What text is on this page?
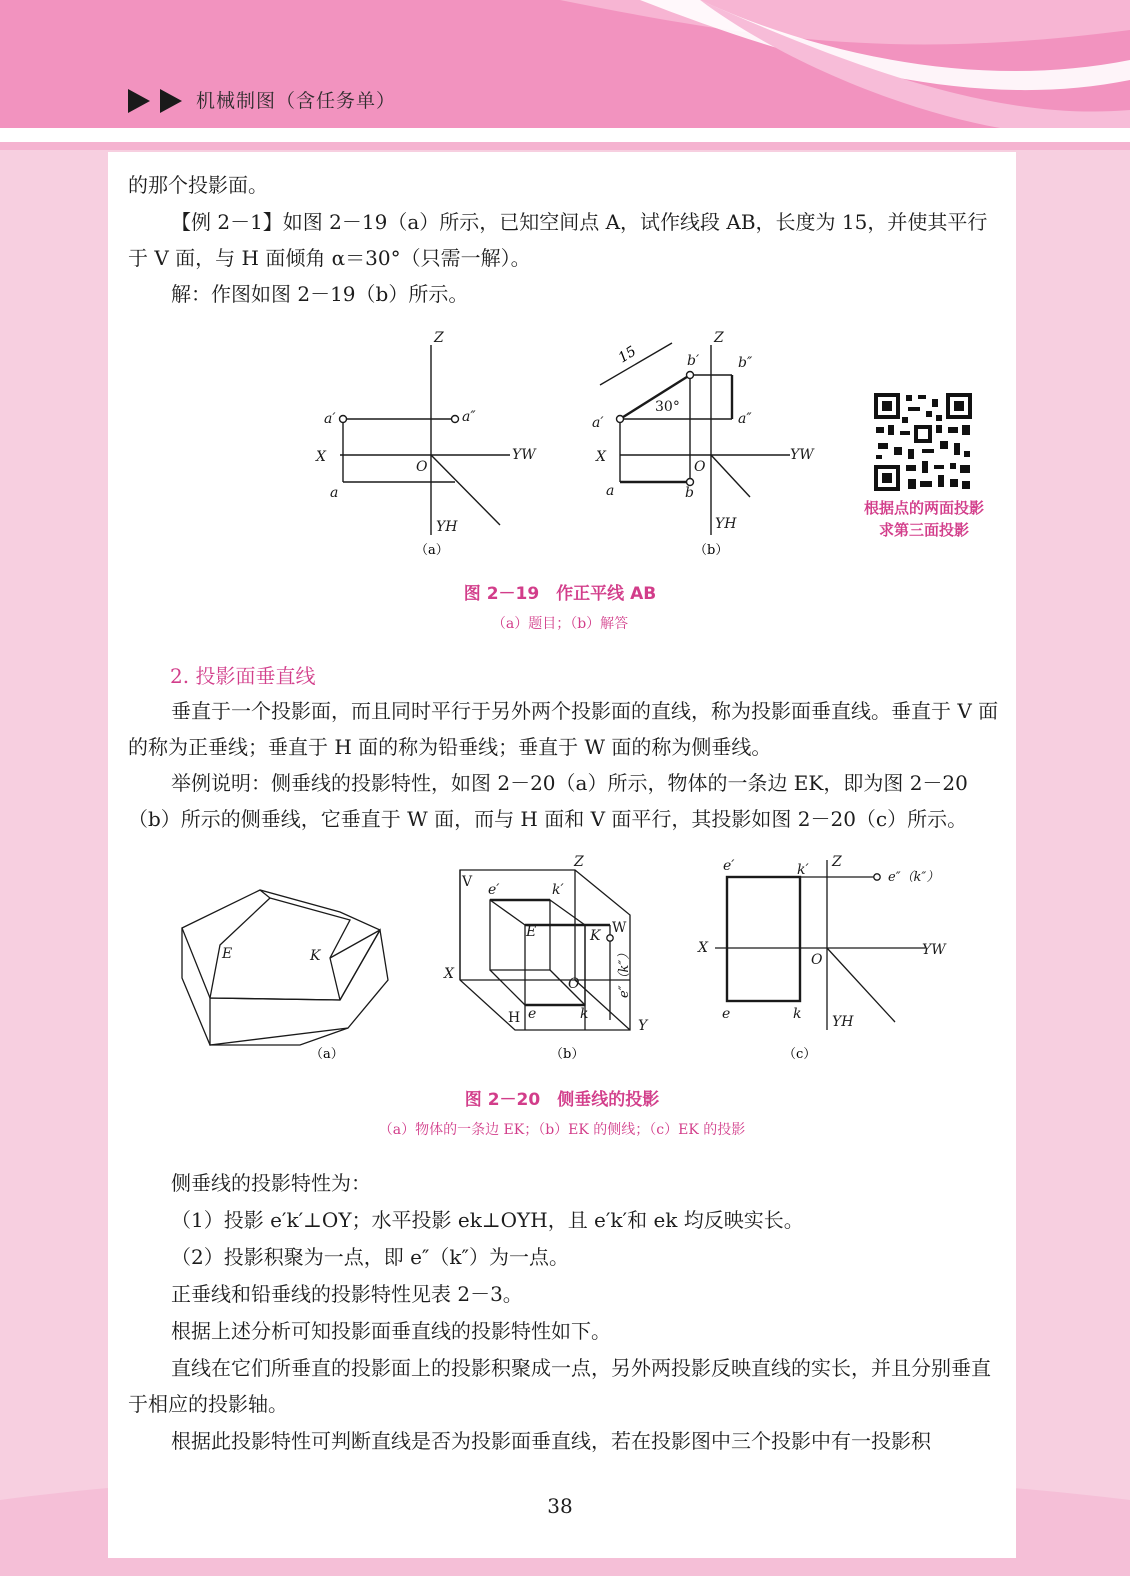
机械制图（含任务单）

的那个投影面。

【例 2－1】如图 2－19（a）所示，已知空间点 A，试作线段 AB，长度为 15，并使其平行于 V 面，与 H 面倾角 α＝30°（只需一解）。

解：作图如图 2－19（b）所示。

Z
X
O
YW
YH
a′	a″
a
（a）
15
Z
X
O
YW
YH
a′	a″
a
b′	b″
b
30°
（b）
根据点的两面投影
求第三面投影
图 2－19　作正平线 AB
（a）题目；（b）解答

2. 投影面垂直线

垂直于一个投影面，而且同时平行于另外两个投影面的直线，称为投影面垂直线。垂直于 V 面的称为正垂线；垂直于 H 面的称为铅垂线；垂直于 W 面的称为侧垂线。

举例说明：侧垂线的投影特性，如图 2－20（a）所示，物体的一条边 EK，即为图 2－20（b）所示的侧垂线，它垂直于 W 面，而与 H 面和 V 面平行，其投影如图 2－20（c）所示。

E	K
（a）
Z
V
W
H
X
Y
O
e′	k′
E	K
e	k
e″（k″）
（b）
Z
X
O
YW
YH
e′	k′	e″（k″）
e	k
（c）
图 2－20　侧垂线的投影
（a）物体的一条边 EK；（b）EK 的侧线；（c）EK 的投影

侧垂线的投影特性为：

（1）投影 e′k′⊥OY；水平投影 ek⊥OYH，且 e′k′和 ek 均反映实长。

（2）投影积聚为一点，即 e″（k″）为一点。

正垂线和铅垂线的投影特性见表 2－3。

根据上述分析可知投影面垂直线的投影特性如下。

直线在它们所垂直的投影面上的投影积聚成一点，另外两投影反映直线的实长，并且分别垂直于相应的投影轴。

根据此投影特性可判断直线是否为投影面垂直线，若在投影图中三个投影中有一投影积

38
